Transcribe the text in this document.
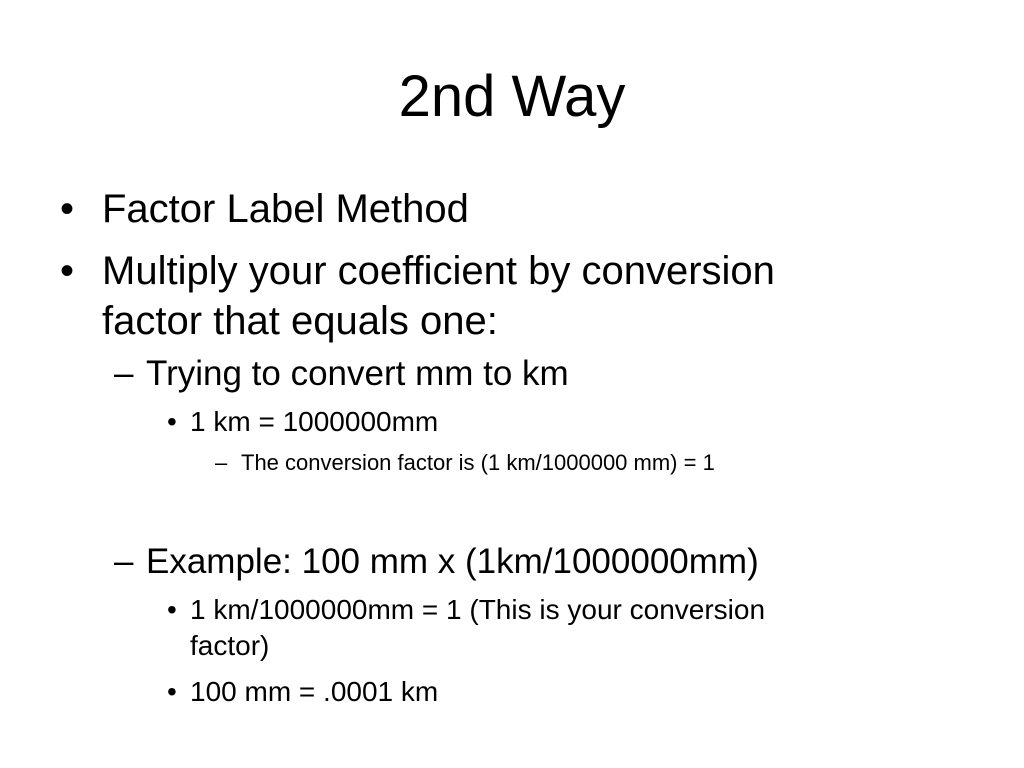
2nd Way
• Factor Label Method
• Multiply your coefficient by conversion
factor that equals one:
– Trying to convert mm to km
• 1 km = 1000000mm
– The conversion factor is (1 km/1000000 mm) = 1
– Example: 100 mm x (1km/1000000mm)
• 1 km/1000000mm = 1 (This is your conversion
factor)
• 100 mm = .0001 km
